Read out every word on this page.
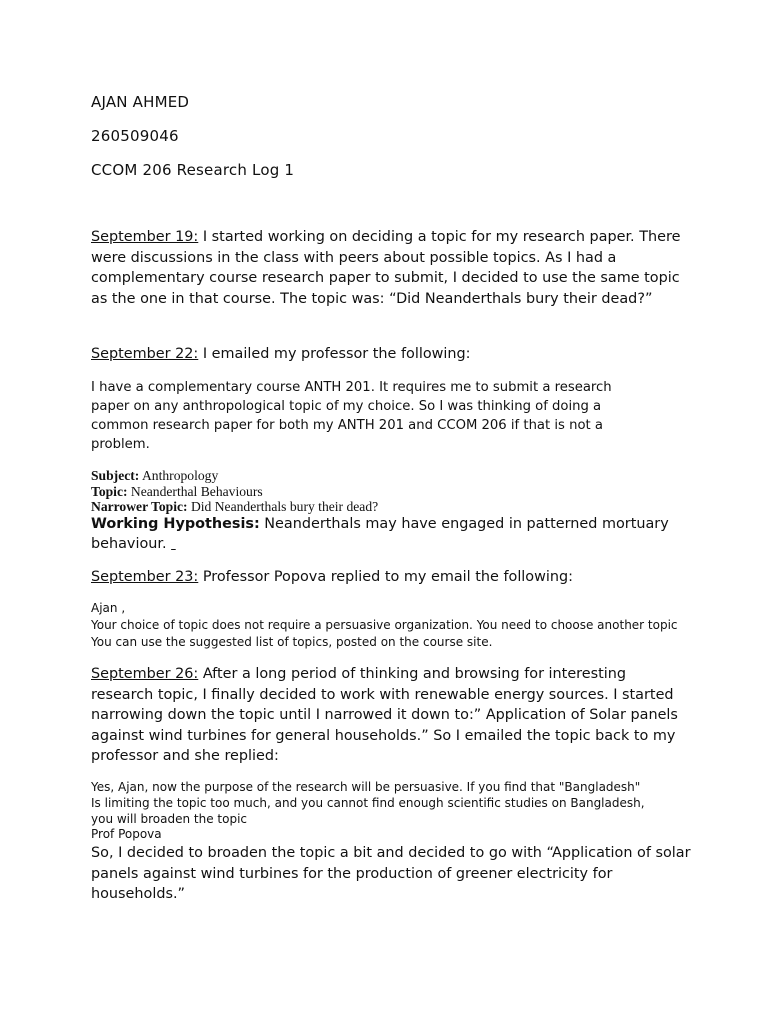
AJAN AHMED

260509046

CCOM 206 Research Log 1

September 19: I started working on deciding a topic for my research paper. There were discussions in the class with peers about possible topics. As I had a complementary course research paper to submit, I decided to use the same topic as the one in that course. The topic was: “Did Neanderthals bury their dead?”

September 22: I emailed my professor the following:

I have a complementary course ANTH 201. It requires me to submit a research paper on any anthropological topic of my choice. So I was thinking of doing a common research paper for both my ANTH 201 and CCOM 206 if that is not a problem.

Subject: Anthropology

Topic: Neanderthal Behaviours

Narrower Topic: Did Neanderthals bury their dead?

Working Hypothesis: Neanderthals may have engaged in patterned mortuary behaviour.

September 23: Professor Popova replied to my email the following:

Ajan ,

Your choice of topic does not require a persuasive organization. You need to choose another topic You can use the suggested list of topics, posted on the course site.

September 26: After a long period of thinking and browsing for interesting research topic, I finally decided to work with renewable energy sources. I started narrowing down the topic until I narrowed it down to:” Application of Solar panels against wind turbines for general households.” So I emailed the topic back to my professor and she replied:

Yes, Ajan, now the purpose of the research will be persuasive. If you find that "Bangladesh"
Is limiting the topic too much, and you cannot find enough scientific studies on Bangladesh,
you will broaden the topic
Prof Popova

So, I decided to broaden the topic a bit and decided to go with “Application of solar panels against wind turbines for the production of greener electricity for households.”
